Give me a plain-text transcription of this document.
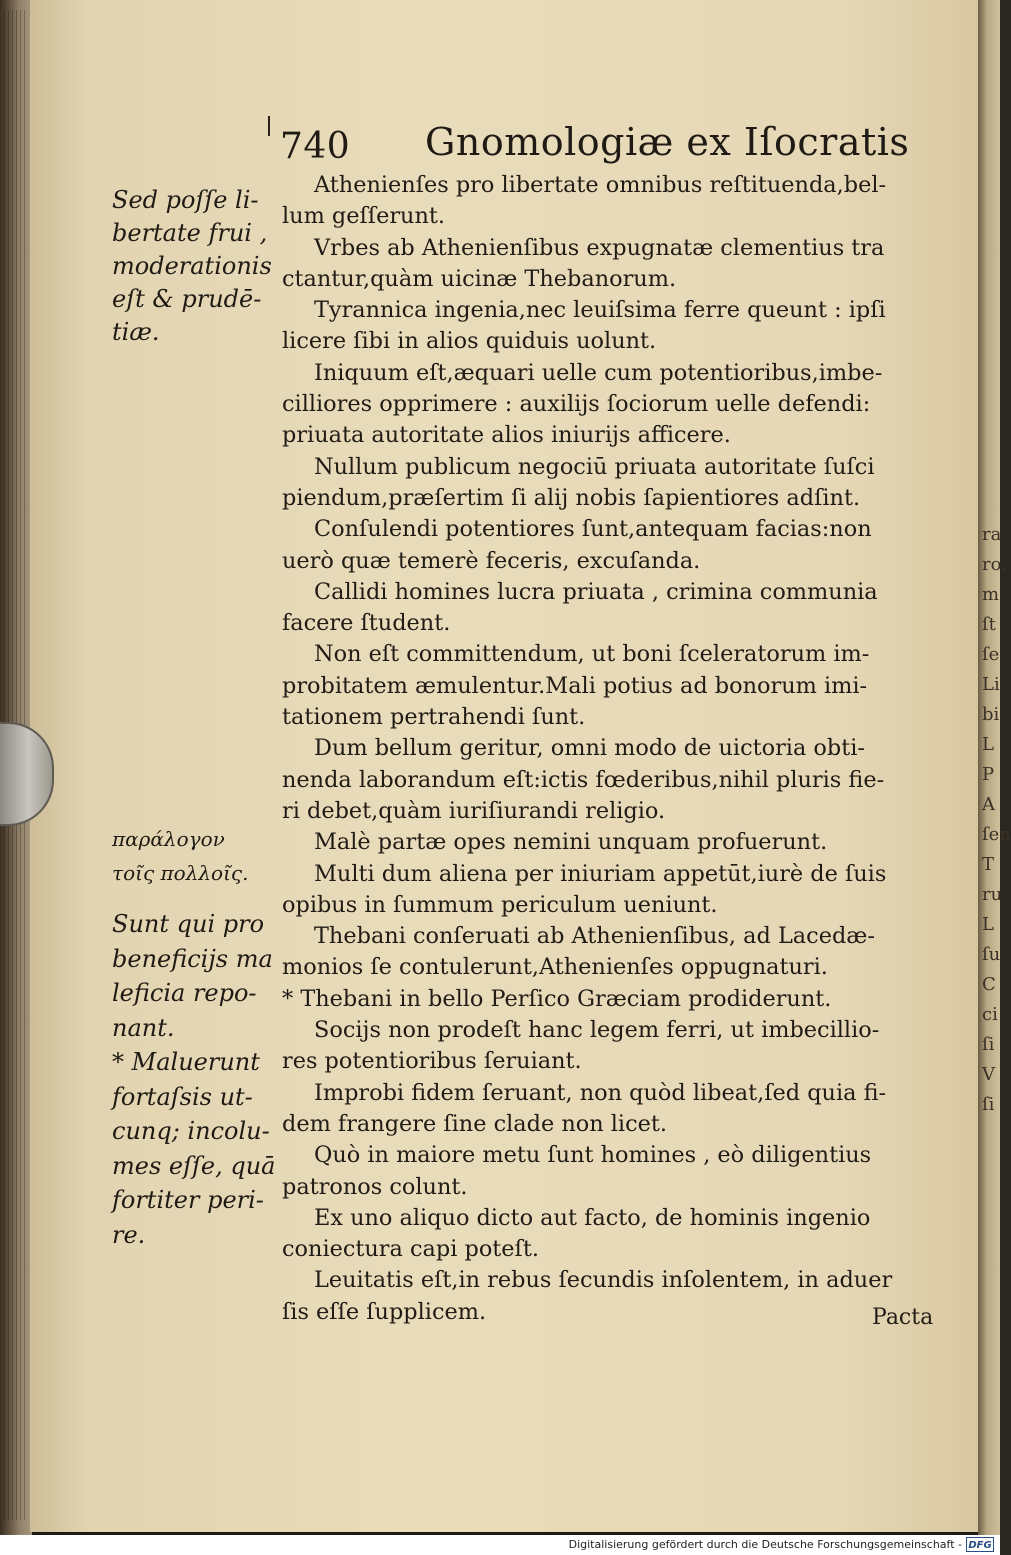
ra ro. m ſt ſe Li bi L P A ſen T ru L ſu C ci ſi V ſi
740 Gnomologiæ ex Iſocratis
Athenienſes pro libertate omnibus reſtituenda,bel-
lum geſſerunt.
Vrbes ab Athenienſibus expugnatæ clementius tra
ctantur,quàm uicinæ Thebanorum.
Tyrannica ingenia,nec leuiſsima ferre queunt : ipſi
licere ſibi in alios quiduis uolunt.
Iniquum eſt,æquari uelle cum potentioribus,imbe-
cilliores opprimere : auxilijs ſociorum uelle defendi:
priuata autoritate alios iniurijs afficere.
Nullum publicum negociū priuata autoritate ſuſci
piendum,præſertim ſi alij nobis ſapientiores adſint.
Conſulendi potentiores ſunt,antequam facias:non
uerò quæ temerè feceris, excuſanda.
Callidi homines lucra priuata , crimina communia
facere ſtudent.
Non eſt committendum, ut boni ſceleratorum im-
probitatem æmulentur.Mali potius ad bonorum imi-
tationem pertrahendi ſunt.
Dum bellum geritur, omni modo de uictoria obti-
nenda laborandum eſt:ictis fœderibus,nihil pluris fie-
ri debet,quàm iuriſiurandi religio.
Malè partæ opes nemini unquam profuerunt.
Multi dum aliena per iniuriam appetūt,iurè de ſuis
opibus in ſummum periculum ueniunt.
Thebani conſeruati ab Athenienſibus, ad Lacedæ-
monios ſe contulerunt,Athenienſes oppugnaturi.
* Thebani in bello Perſico Græciam prodiderunt.
Socijs non prodeſt hanc legem ferri, ut imbecillio-
res potentioribus ſeruiant.
Improbi fidem ſeruant, non quòd libeat,ſed quia fi-
dem frangere ſine clade non licet.
Quò in maiore metu ſunt homines , eò diligentius
patronos colunt.
Ex uno aliquo dicto aut facto, de hominis ingenio
coniectura capi poteſt.
Leuitatis eſt,in rebus ſecundis inſolentem, in aduer
ſis eſſe ſupplicem.
Sed poſſe li-
bertate frui ,
moderationis
eſt & prudē-
tiæ.
παράλογον
τοῖς πολλοῖς.
Sunt qui pro
beneficijs ma
leficia repo-
nant.
* Maluerunt
fortaſsis ut-
cunq; incolu-
mes eſſe, quā
fortiter peri-
re.
Pacta
Digitalisierung gefördert durch die Deutsche Forschungsgemeinschaft - DFG
